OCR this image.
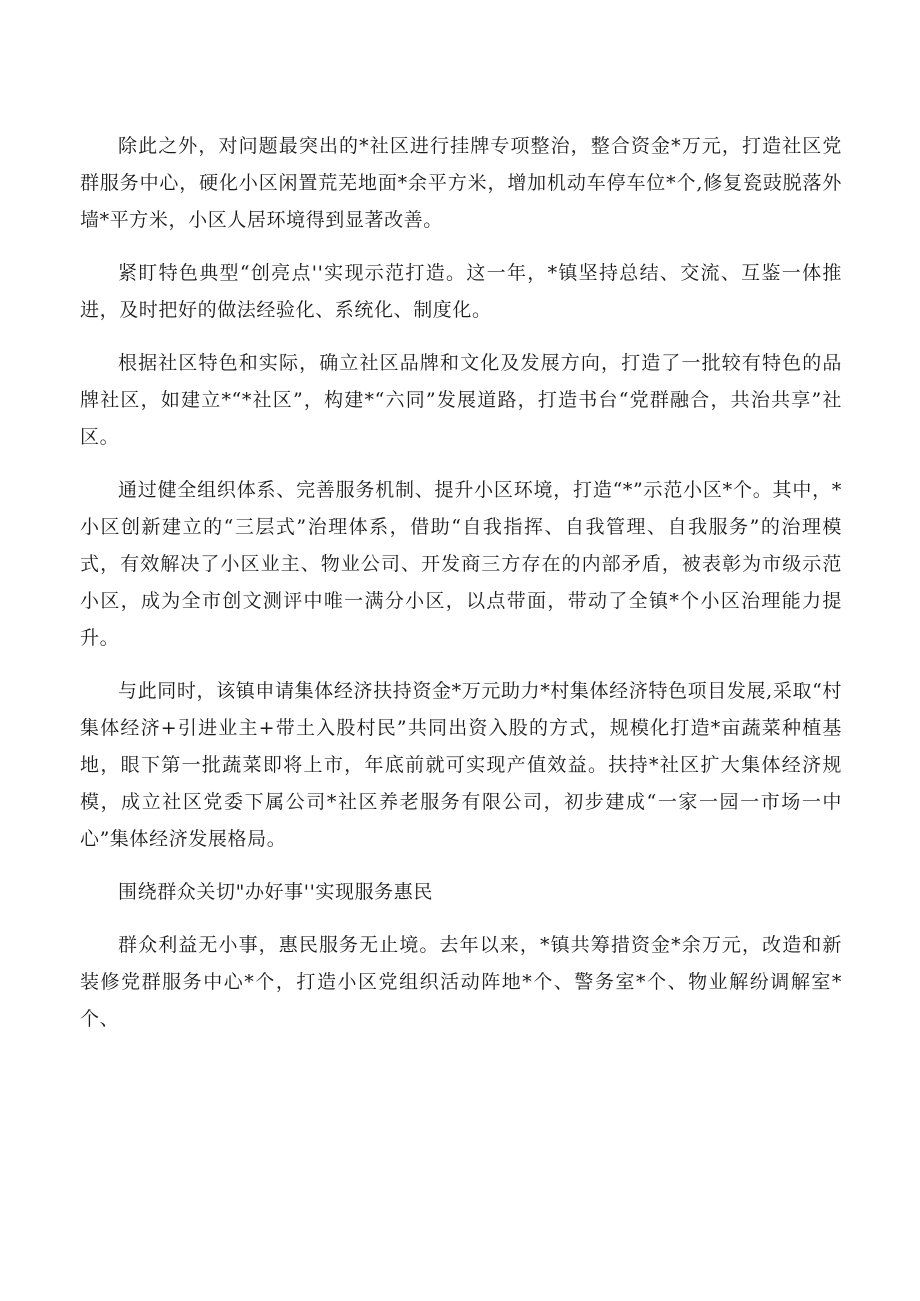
除此之外，对问题最突出的*社区进行挂牌专项整治，整合资金*万元，打造社区党群服务中心，硬化小区闲置荒芜地面*余平方米，增加机动车停车位*个,修复瓷豉脱落外墙*平方米，小区人居环境得到显著改善。

紧盯特色典型“创亮点''实现示范打造。这一年，*镇坚持总结、交流、互鉴一体推进，及时把好的做法经验化、系统化、制度化。

根据社区特色和实际，确立社区品牌和文化及发展方向，打造了一批较有特色的品牌社区，如建立*“*社区”，构建*“六同”发展道路，打造书台“党群融合，共治共享”社区。

通过健全组织体系、完善服务机制、提升小区环境，打造“*”示范小区*个。其中，*小区创新建立的“三层式”治理体系，借助“自我指挥、自我管理、自我服务”的治理模式，有效解决了小区业主、物业公司、开发商三方存在的内部矛盾，被表彰为市级示范小区，成为全市创文测评中唯一满分小区，以点带面，带动了全镇*个小区治理能力提升。

与此同时，该镇申请集体经济扶持资金*万元助力*村集体经济特色项目发展,采取“村集体经济+引进业主+带土入股村民”共同出资入股的方式，规模化打造*亩蔬菜种植基地，眼下第一批蔬菜即将上市，年底前就可实现产值效益。扶持*社区扩大集体经济规模，成立社区党委下属公司*社区养老服务有限公司，初步建成“一家一园一市场一中心”集体经济发展格局。

围绕群众关切"办好事''实现服务惠民

群众利益无小事，惠民服务无止境。去年以来，*镇共筹措资金*余万元，改造和新装修党群服务中心*个，打造小区党组织活动阵地*个、警务室*个、物业解纷调解室*个、
